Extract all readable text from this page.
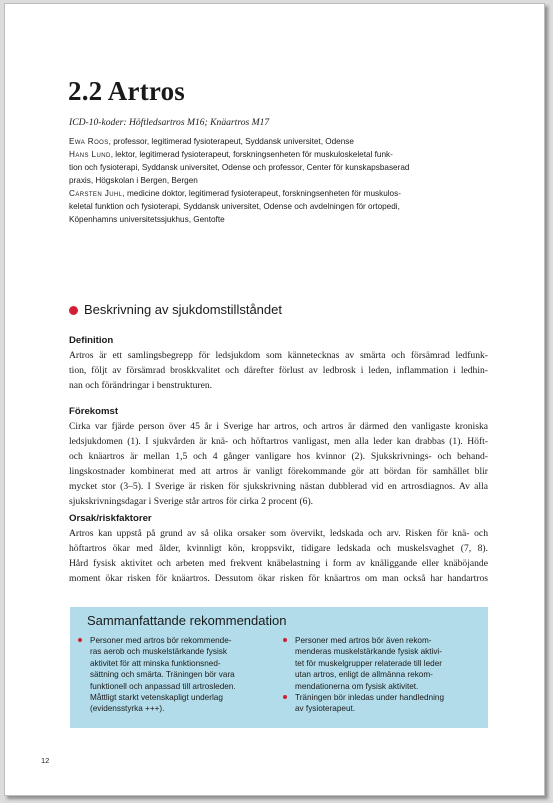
2.2 Artros
ICD-10-koder: Höftledsartros M16; Knäartros M17
Ewa Roos, professor, legitimerad fysioterapeut, Syddansk universitet, Odense
Hans Lund, lektor, legitimerad fysioterapeut, forskningsenheten för muskuloskeletal funk-
tion och fysioterapi, Syddansk universitet, Odense och professor, Center för kunskapsbaserad
praxis, Högskolan i Bergen, Bergen
Carsten Juhl, medicine doktor, legitimerad fysioterapeut, forskningsenheten för muskulos-
keletal funktion och fysioterapi, Syddansk universitet, Odense och avdelningen för ortopedi,
Köpenhamns universitetssjukhus, Gentofte
Beskrivning av sjukdomstillståndet
Definition
Artros är ett samlingsbegrepp för ledsjukdom som kännetecknas av smärta och försämrad ledfunk-
tion, följt av försämrad broskkvalitet och därefter förlust av ledbrosk i leden, inflammation i ledhin-
nan och förändringar i benstrukturen.
Förekomst
Cirka var fjärde person över 45 år i Sverige har artros, och artros är därmed den vanligaste kroniska
ledsjukdomen (1). I sjukvården är knä- och höftartros vanligast, men alla leder kan drabbas (1). Höft-
och knäartros är mellan 1,5 och 4 gånger vanligare hos kvinnor (2). Sjukskrivnings- och behand-
lingskostnader kombinerat med att artros är vanligt förekommande gör att bördan för samhället blir
mycket stor (3–5). I Sverige är risken för sjukskrivning nästan dubblerad vid en artrosdiagnos. Av alla
sjukskrivningsdagar i Sverige står artros för cirka 2 procent (6).
Orsak/riskfaktorer
Artros kan uppstå på grund av så olika orsaker som övervikt, ledskada och arv. Risken för knä- och
höftartros ökar med ålder, kvinnligt kön, kroppsvikt, tidigare ledskada och muskelsvaghet (7, 8).
Hård fysisk aktivitet och arbeten med frekvent knäbelastning i form av knäliggande eller knäböjande
moment ökar risken för knäartros. Dessutom ökar risken för knäartros om man också har handartros
Sammanfattande rekommendation
Personer med artros bör rekommende-
ras aerob och muskelstärkande fysisk
aktivitet för att minska funktionsned-
sättning och smärta. Träningen bör vara
funktionell och anpassad till artrosleden.
Måttligt starkt vetenskapligt underlag
(evidensstyrka +++).
Personer med artros bör även rekom-
menderas muskelstärkande fysisk aktivi-
tet för muskelgrupper relaterade till leder
utan artros, enligt de allmänna rekom-
mendationerna om fysisk aktivitet.
Träningen bör inledas under handledning
av fysioterapeut.
12
